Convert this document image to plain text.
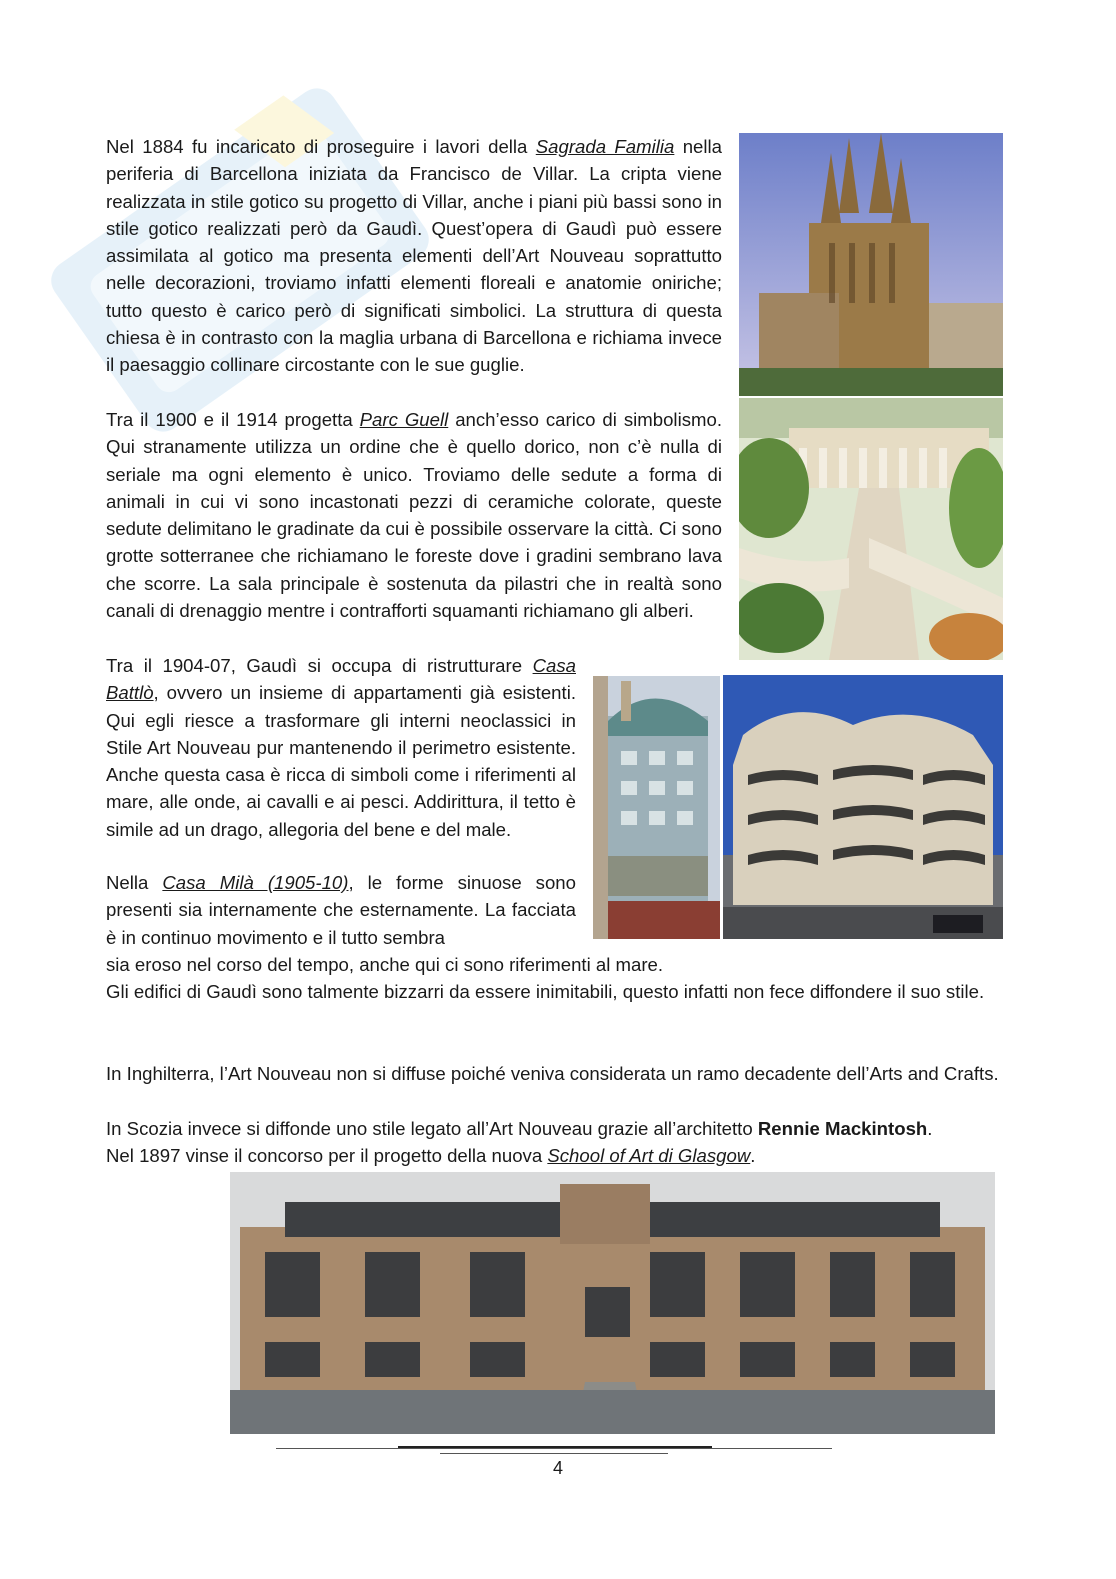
Nel 1884 fu incaricato di proseguire i lavori della Sagrada Familia nella periferia di Barcellona iniziata da Francisco de Villar. La cripta viene realizzata in stile gotico su progetto di Villar, anche i piani più bassi sono in stile gotico realizzati però da Gaudì. Quest’opera di Gaudì può essere assimilata al gotico ma presenta elementi dell’Art Nouveau soprattutto nelle decorazioni, troviamo infatti elementi floreali e anatomie oniriche; tutto questo è carico però di significati simbolici. La struttura di questa chiesa è in contrasto con la maglia urbana di Barcellona e richiama invece il paesaggio collinare circostante con le sue guglie.

Tra il 1900 e il 1914 progetta Parc Guell anch’esso carico di simbolismo. Qui stranamente utilizza un ordine che è quello dorico, non c’è nulla di seriale ma ogni elemento è unico. Troviamo delle sedute a forma di animali in cui vi sono incastonati pezzi di ceramiche colorate, queste sedute delimitano le gradinate da cui è possibile osservare la città. Ci sono grotte sotterranee che richiamano le foreste dove i gradini sembrano lava che scorre. La sala principale è sostenuta da pilastri che in realtà sono canali di drenaggio mentre i contrafforti squamanti richiamano gli alberi.

Tra il 1904-07, Gaudì si occupa di ristrutturare Casa Battlò, ovvero un insieme di appartamenti già esistenti. Qui egli riesce a trasformare gli interni neoclassici in Stile Art Nouveau pur mantenendo il perimetro esistente. Anche questa casa è ricca di simboli come i riferimenti al mare, alle onde, ai cavalli e ai pesci. Addirittura, il tetto è simile ad un drago, allegoria del bene e del male.

Nella Casa Milà (1905-10), le forme sinuose sono presenti sia internamente che esternamente. La facciata è in continuo movimento e il tutto sembra

sia eroso nel corso del tempo, anche qui ci sono riferimenti al mare.

Gli edifici di Gaudì sono talmente bizzarri da essere inimitabili, questo infatti non fece diffondere il suo stile.

In Inghilterra, l’Art Nouveau non si diffuse poiché veniva considerata un ramo decadente dell’Arts and Crafts.

In Scozia invece si diffonde uno stile legato all’Art Nouveau grazie all’architetto Rennie Mackintosh.

Nel 1897 vinse il concorso per il progetto della nuova School of Art di Glasgow.

4
